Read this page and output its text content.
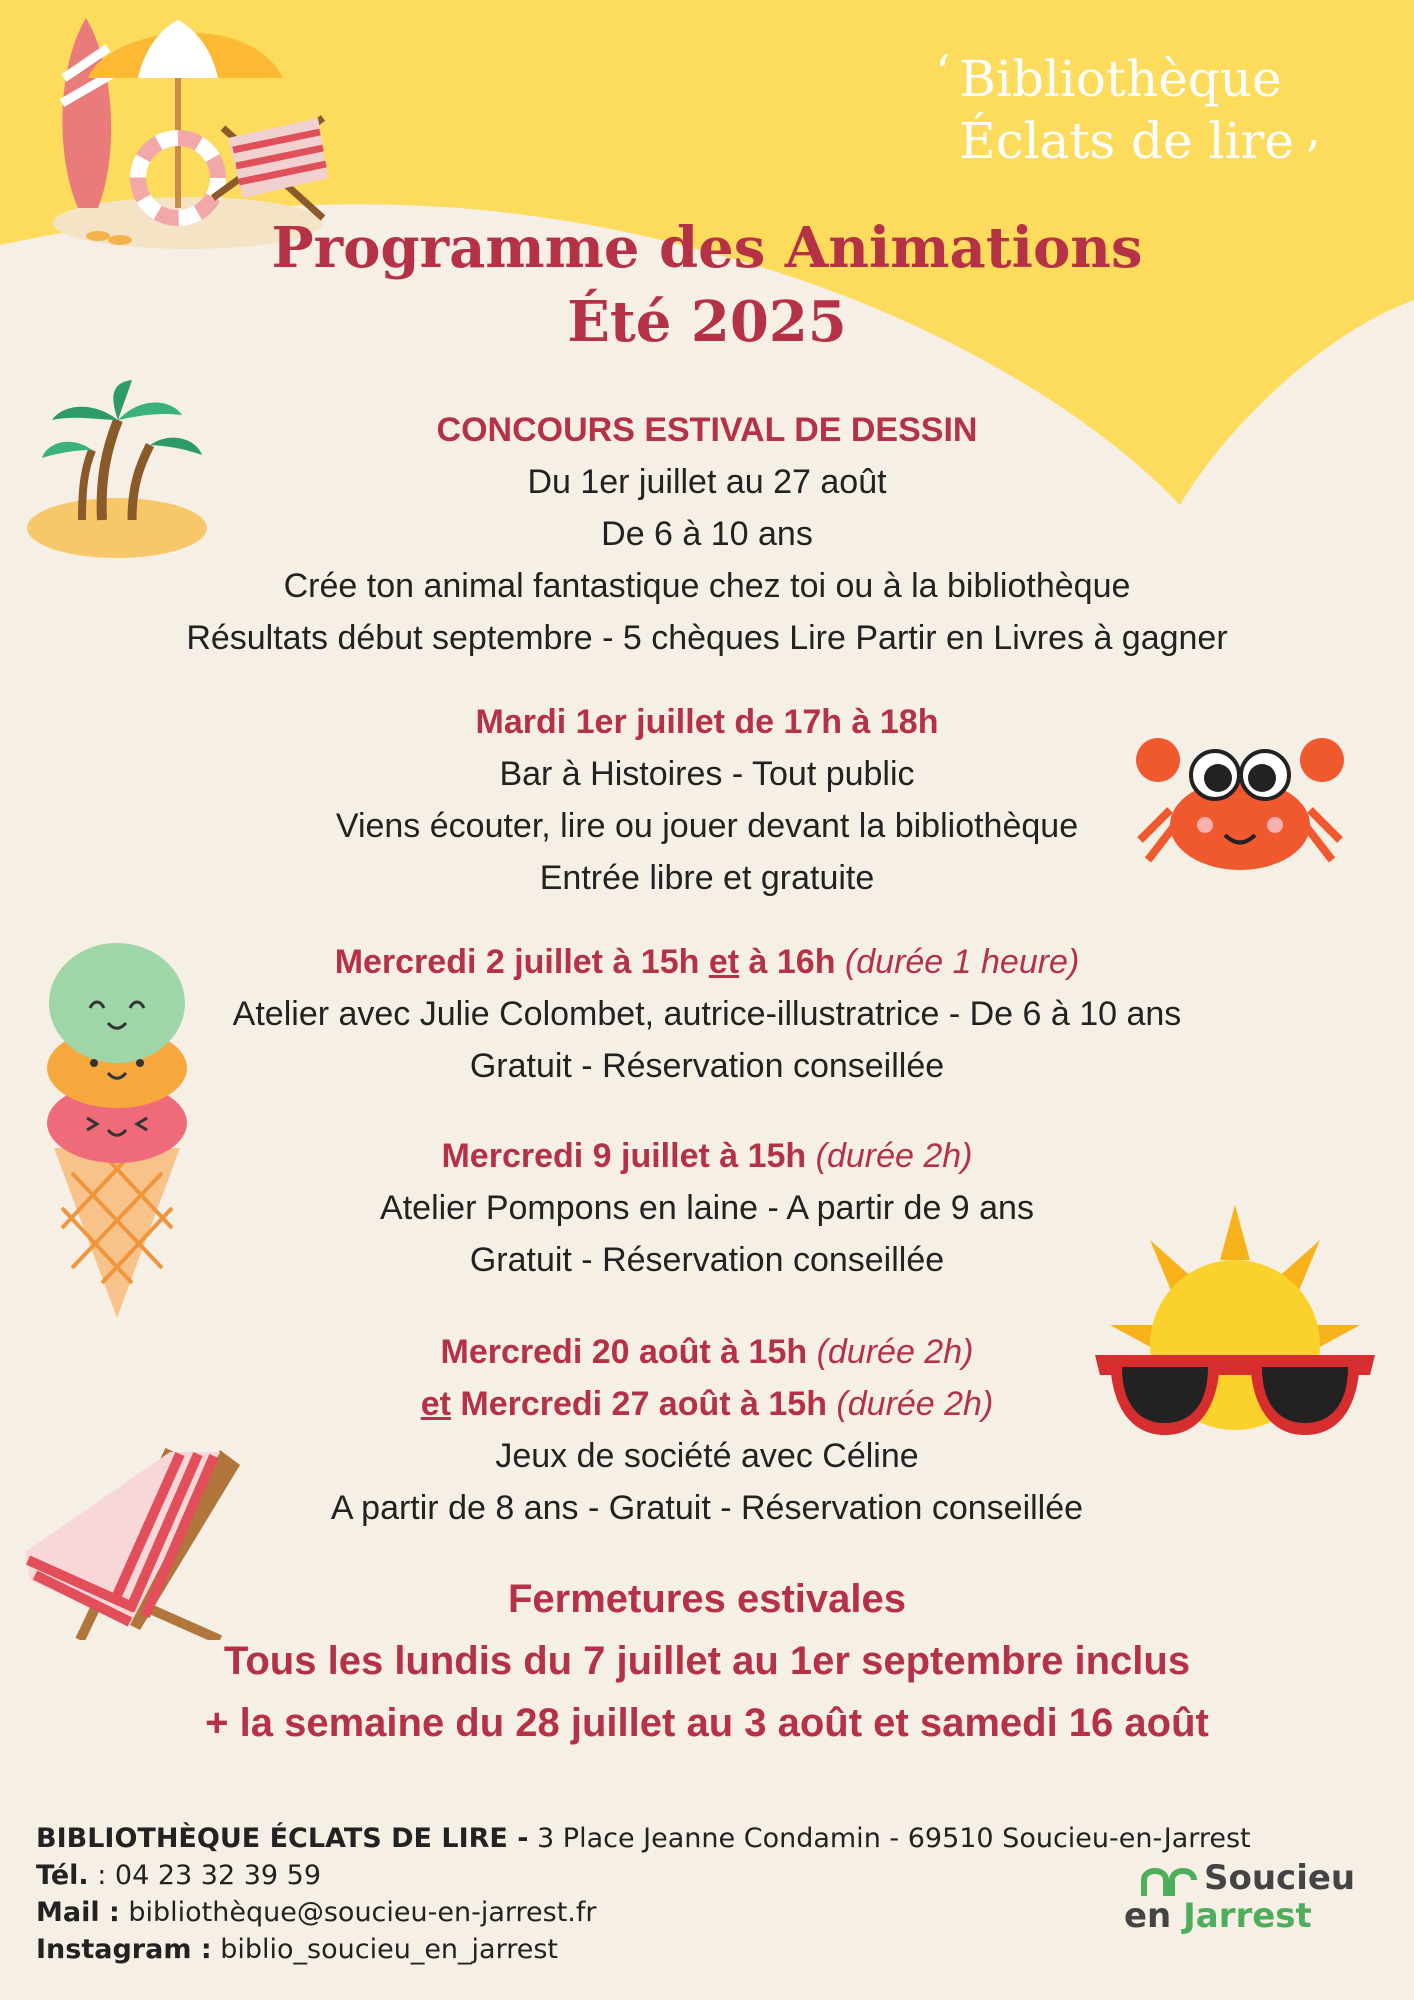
‘ Bibliothèque
Éclats de lire ’
Programme des Animations
Été 2025
CONCOURS ESTIVAL DE DESSIN
Du 1er juillet au 27 août
De 6 à 10 ans
Crée ton animal fantastique chez toi ou à la bibliothèque
Résultats début septembre - 5 chèques Lire Partir en Livres à gagner
Mardi 1er juillet de 17h à 18h
Bar à Histoires - Tout public
Viens écouter, lire ou jouer devant la bibliothèque
Entrée libre et gratuite
Mercredi 2 juillet à 15h et à 16h (durée 1 heure)
Atelier avec Julie Colombet, autrice-illustratrice - De 6 à 10 ans
Gratuit - Réservation conseillée
Mercredi 9 juillet à 15h (durée 2h)
Atelier Pompons en laine - A partir de 9 ans
Gratuit - Réservation conseillée
Mercredi 20 août à 15h (durée 2h)
et Mercredi 27 août à 15h (durée 2h)
Jeux de société avec Céline
A partir de 8 ans - Gratuit - Réservation conseillée
Fermetures estivales
Tous les lundis du 7 juillet au 1er septembre inclus
+ la semaine du 28 juillet au 3 août et samedi 16 août
BIBLIOTHÈQUE ÉCLATS DE LIRE - 3 Place Jeanne Condamin - 69510 Soucieu-en-Jarrest
Tél. : 04 23 32 39 59
Mail : bibliothèque@soucieu-en-jarrest.fr
Instagram : biblio_soucieu_en_jarrest
Soucieu
en Jarrest
